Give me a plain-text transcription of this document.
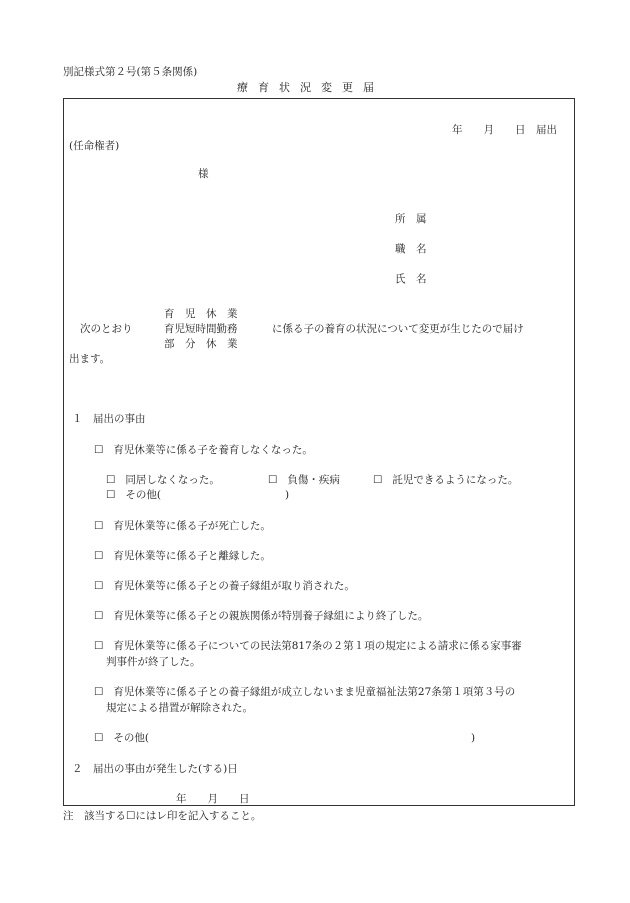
別記様式第２号(第５条関係)
療育状況変更届
年　　月　　日　届出
(任命権者)
様
所　属
職　名
氏　名
育　児　休　業
次のとおり	育児短時間勤務	に係る子の養育の状況について変更が生じたので届け
部　分　休　業
出ます。
１　届出の事由
☐ 育児休業等に係る子を養育しなくなった。
☐ 同居しなくなった。	☐ 負傷・疾病	☐ 託児できるようになった。
☐ その他(	)
☐ 育児休業等に係る子が死亡した。
☐ 育児休業等に係る子と離縁した。
☐ 育児休業等に係る子との養子縁組が取り消された。
☐ 育児休業等に係る子との親族関係が特別養子縁組により終了した。
☐ 育児休業等に係る子についての民法第817条の２第１項の規定による請求に係る家事審
判事件が終了した。
☐ 育児休業等に係る子との養子縁組が成立しないまま児童福祉法第27条第１項第３号の
規定による措置が解除された。
☐ その他(	)
２　届出の事由が発生した(する)日
年　　月　　日
注　該当する☐にはレ印を記入すること。
